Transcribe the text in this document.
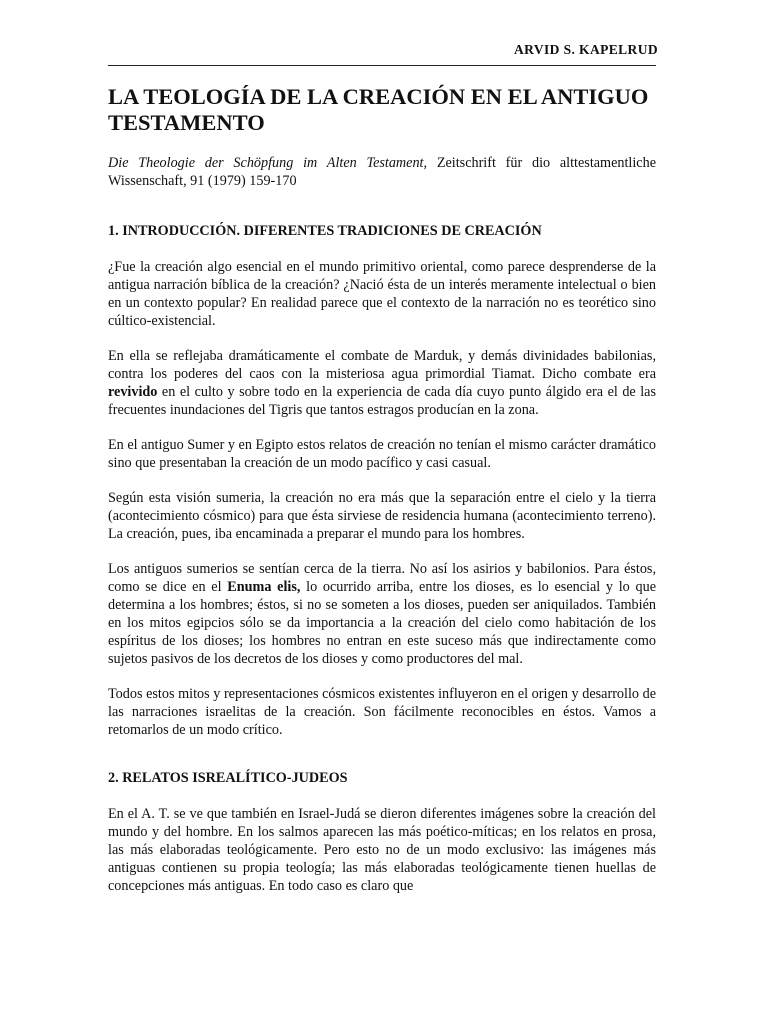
ARVID S. KAPELRUD
LA TEOLOGÍA DE LA CREACIÓN EN EL ANTIGUO TESTAMENTO

Die Theologie der Schöpfung im Alten Testament, Zeitschrift für dio alttestamentliche Wissenschaft, 91 (1979) 159-170

1. INTRODUCCIÓN. DIFERENTES TRADICIONES DE CREACIÓN

¿Fue la creación algo esencial en el mundo primitivo oriental, como parece desprenderse de la antigua narración bíblica de la creación? ¿Nació ésta de un interés meramente intelectual o bien en un contexto popular? En realidad parece que el contexto de la narración no es teorético sino cúltico-existencial.

En ella se reflejaba dramáticamente el combate de Marduk, y demás divinidades babilonias, contra los poderes del caos con la misteriosa agua primordial Tiamat. Dicho combate era revivido en el culto y sobre todo en la experiencia de cada día cuyo punto álgido era el de las frecuentes inundaciones del Tigris que tantos estragos producían en la zona.

En el antiguo Sumer y en Egipto estos relatos de creación no tenían el mismo carácter dramático sino que presentaban la creación de un modo pacífico y casi casual.

Según esta visión sumeria, la creación no era más que la separación entre el cielo y la tierra (acontecimiento cósmico) para que ésta sirviese de residencia humana (acontecimiento terreno). La creación, pues, iba encaminada a preparar el mundo para los hombres.

Los antiguos sumerios se sentían cerca de la tierra. No así los asirios y babilonios. Para éstos, como se dice en el Enuma elis, lo ocurrido arriba, entre los dioses, es lo esencial y lo que determina a los hombres; éstos, si no se someten a los dioses, pueden ser aniquilados. También en los mitos egipcios sólo se da importancia a la creación del cielo como habitación de los espíritus de los dioses; los hombres no entran en este suceso más que indirectamente como sujetos pasivos de los decretos de los dioses y como productores del mal.

Todos estos mitos y representaciones cósmicos existentes influyeron en el origen y desarrollo de las narraciones israelitas de la creación. Son fácilmente reconocibles en éstos. Vamos a retomarlos de un modo crítico.

2. RELATOS ISREALÍTICO-JUDEOS

En el A. T. se ve que también en Israel-Judá se dieron diferentes imágenes sobre la creación del mundo y del hombre. En los salmos aparecen las más poético-míticas; en los relatos en prosa, las más elaboradas teológicamente. Pero esto no de un modo exclusivo: las imágenes más antiguas contienen su propia teología; las más elaboradas teológicamente tienen huellas de concepciones más antiguas. En todo caso es claro que
